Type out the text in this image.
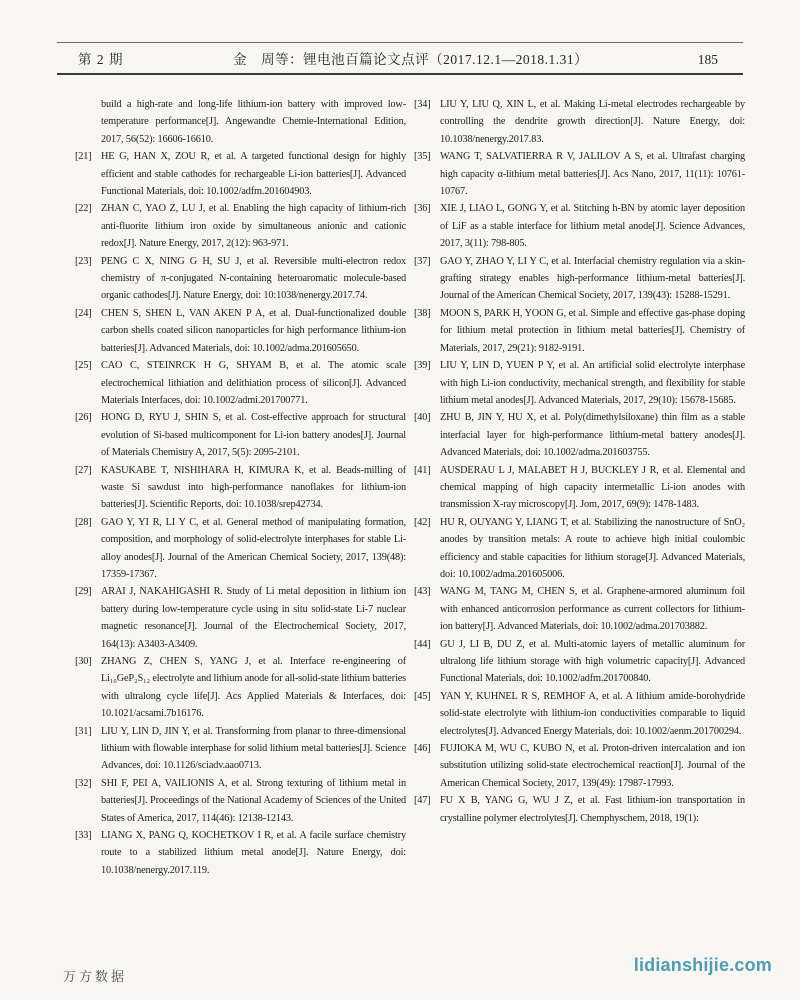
第 2 期	金　周等：锂电池百篇论文点评（2017.12.1—2018.1.31）	185
build a high-rate and long-life lithium-ion battery with improved low-temperature performance[J]. Angewandte Chemie-International Edition, 2017, 56(52): 16606-16610.
[21] HE G, HAN X, ZOU R, et al. A targeted functional design for highly efficient and stable cathodes for rechargeable Li-ion batteries[J]. Advanced Functional Materials, doi: 10.1002/adfm.201604903.
[22] ZHAN C, YAO Z, LU J, et al. Enabling the high capacity of lithium-rich anti-fluorite lithium iron oxide by simultaneous anionic and cationic redox[J]. Nature Energy, 2017, 2(12): 963-971.
[23] PENG C X, NING G H, SU J, et al. Reversible multi-electron redox chemistry of π-conjugated N-containing heteroaromatic molecule-based organic cathodes[J]. Nature Energy, doi: 10:1038/nenergy.2017.74.
[24] CHEN S, SHEN L, VAN AKEN P A, et al. Dual-functionalized double carbon shells coated silicon nanoparticles for high performance lithium-ion batteries[J]. Advanced Materials, doi: 10.1002/adma.201605650.
[25] CAO C, STEINRCK H G, SHYAM B, et al. The atomic scale electrochemical lithiation and delithiation process of silicon[J]. Advanced Materials Interfaces, doi: 10.1002/admi.201700771.
[26] HONG D, RYU J, SHIN S, et al. Cost-effective approach for structural evolution of Si-based multicomponent for Li-ion battery anodes[J]. Journal of Materials Chemistry A, 2017, 5(5): 2095-2101.
[27] KASUKABE T, NISHIHARA H, KIMURA K, et al. Beads-milling of waste Si sawdust into high-performance nanoflakes for lithium-ion batteries[J]. Scientific Reports, doi: 10.1038/srep42734.
[28] GAO Y, YI R, LI Y C, et al. General method of manipulating formation, composition, and morphology of solid-electrolyte interphases for stable Li-alloy anodes[J]. Journal of the American Chemical Society, 2017, 139(48): 17359-17367.
[29] ARAI J, NAKAHIGASHI R. Study of Li metal deposition in lithium ion battery during low-temperature cycle using in situ solid-state Li-7 nuclear magnetic resonance[J]. Journal of the Electrochemical Society, 2017, 164(13): A3403-A3409.
[30] ZHANG Z, CHEN S, YANG J, et al. Interface re-engineering of Li₁₀GeP₂S₁₂ electrolyte and lithium anode for all-solid-state lithium batteries with ultralong cycle life[J]. Acs Applied Materials & Interfaces, doi: 10.1021/acsami.7b16176.
[31] LIU Y, LIN D, JIN Y, et al. Transforming from planar to three-dimensional lithium with flowable interphase for solid lithium metal batteries[J]. Science Advances, doi: 10.1126/sciadv.aao0713.
[32] SHI F, PEI A, VAILIONIS A, et al. Strong texturing of lithium metal in batteries[J]. Proceedings of the National Academy of Sciences of the United States of America, 2017, 114(46): 12138-12143.
[33] LIANG X, PANG Q, KOCHETKOV I R, et al. A facile surface chemistry route to a stabilized lithium metal anode[J]. Nature Energy, doi: 10.1038/nenergy.2017.119.
[34] LIU Y, LIU Q, XIN L, et al. Making Li-metal electrodes rechargeable by controlling the dendrite growth direction[J]. Nature Energy, doi: 10.1038/nenergy.2017.83.
[35] WANG T, SALVATIERRA R V, JALILOV A S, et al. Ultrafast charging high capacity α-lithium metal batteries[J]. Acs Nano, 2017, 11(11): 10761-10767.
[36] XIE J, LIAO L, GONG Y, et al. Stitching h-BN by atomic layer deposition of LiF as a stable interface for lithium metal anode[J]. Science Advances, 2017, 3(11): 798-805.
[37] GAO Y, ZHAO Y, LI Y C, et al. Interfacial chemistry regulation via a skin-grafting strategy enables high-performance lithium-metal batteries[J]. Journal of the American Chemical Society, 2017, 139(43): 15288-15291.
[38] MOON S, PARK H, YOON G, et al. Simple and effective gas-phase doping for lithium metal protection in lithium metal batteries[J]. Chemistry of Materials, 2017, 29(21): 9182-9191.
[39] LIU Y, LIN D, YUEN P Y, et al. An artificial solid electrolyte interphase with high Li-ion conductivity, mechanical strength, and flexibility for stable lithium metal anodes[J]. Advanced Materials, 2017, 29(10): 15678-15685.
[40] ZHU B, JIN Y, HU X, et al. Poly(dimethylsiloxane) thin film as a stable interfacial layer for high-performance lithium-metal battery anodes[J]. Advanced Materials, doi: 10.1002/adma.201603755.
[41] AUSDERAU L J, MALABET H J, BUCKLEY J R, et al. Elemental and chemical mapping of high capacity intermetallic Li-ion anodes with transmission X-ray microscopy[J]. Jom, 2017, 69(9): 1478-1483.
[42] HU R, OUYANG Y, LIANG T, et al. Stabilizing the nanostructure of SnO₂ anodes by transition metals: A route to achieve high initial coulombic efficiency and stable capacities for lithium storage[J]. Advanced Materials, doi: 10.1002/adma.201605006.
[43] WANG M, TANG M, CHEN S, et al. Graphene-armored aluminum foil with enhanced anticorrosion performance as current collectors for lithium-ion battery[J]. Advanced Materials, doi: 10.1002/adma.201703882.
[44] GU J, LI B, DU Z, et al. Multi-atomic layers of metallic aluminum for ultralong life lithium storage with high volumetric capacity[J]. Advanced Functional Materials, doi: 10.1002/adfm.201700840.
[45] YAN Y, KUHNEL R S, REMHOF A, et al. A lithium amide-borohydride solid-state electrolyte with lithium-ion conductivities comparable to liquid electrolytes[J]. Advanced Energy Materials, doi: 10.1002/aenm.201700294.
[46] FUJIOKA M, WU C, KUBO N, et al. Proton-driven intercalation and ion substitution utilizing solid-state electrochemical reaction[J]. Journal of the American Chemical Society, 2017, 139(49): 17987-17993.
[47] FU X B, YANG G, WU J Z, et al. Fast lithium-ion transportation in crystalline polymer electrolytes[J]. Chemphyschem, 2018, 19(1):
万方数据
lidianshijie.com
